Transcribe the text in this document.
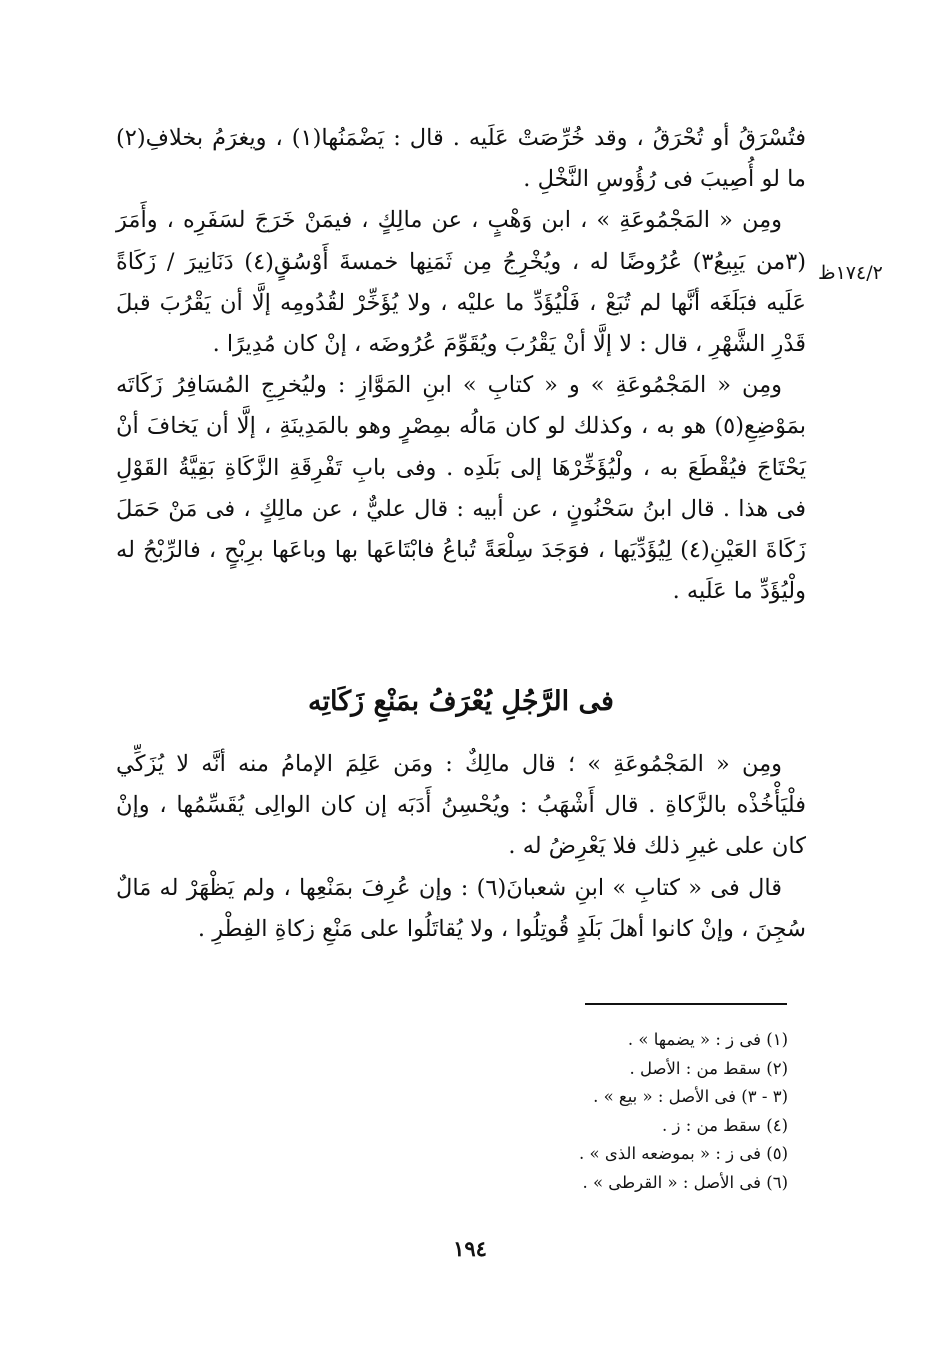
١٧٤/٢ظ

فتُسْرَقُ أو تُحْرَقُ ، وقد خُرِّصَتْ عَلَيه . قال : يَضْمَنُها(١) ، ويغرَمُ بخلافِ(٢) ما لو أُصِيبَ فى رُؤُوسِ النَّخْلِ .

ومِن « المَجْمُوعَةِ » ، ابن وَهْبٍ ، عن مالِكٍ ، فيمَنْ خَرَجَ لسَفَرِه ، وأَمَرَ (٣من يَبِيعُ٣) عُرُوضًا له ، ويُخْرِجُ مِن ثَمَنِها خمسةَ أَوْسُقٍ(٤) دَنَانِيرَ / زَكَاةً عَلَيه فبَلَغَه أنَّها لم تُبَعْ ، فَلْيُؤَدِّ ما عليْه ، ولا يُؤَخِّرْ لقُدُومِه إلَّا أن يَقْرُبَ قبلَ قَدْرِ الشَّهْرِ ، قال : لا إلَّا أنْ يَقْرُبَ ويُقَوِّمَ عُرُوضَه ، إنْ كان مُدِيرًا .

ومِن « المَجْمُوعَةِ » و « كتابِ » ابنِ المَوَّازِ : وليُخرِجِ المُسَافِرُ زَكَاتَه بمَوْضِعِ(٥) هو به ، وكذلك لو كان مَالُه بمِصْرٍ وهو بالمَدِينَةِ ، إلَّا أن يَخافَ أنْ يَحْتَاجَ فيُقْطَعَ به ، ولْيُؤَخِّرْهَا إلى بَلَدِه . وفى بابِ تَفْرِقَةِ الزَّكَاةِ بَقِيَّةُ القَوْلِ فى هذا . قال ابنُ سَحْنُونٍ ، عن أبيه : قال عليٌّ ، عن مالِكٍ ، فى مَنْ حَمَلَ زَكَاةَ العَيْنِ(٤) لِيُؤَدِّيَها ، فوَجَدَ سِلْعَةً تُباعُ فابْتَاعَها بها وباعَها برِبْحٍ ، فالرِّبْحُ له ولْيُؤَدِّ ما عَلَيه .

فى الرَّجُلِ يُعْرَفُ بمَنْعِ زَكَاتِه

ومِن « المَجْمُوعَةِ » ؛ قال مالِكٌ : ومَن عَلِمَ الإمامُ منه أنَّه لا يُزَكِّي فلْيَأْخُذْه بالزَّكاةِ . قال أَشْهَبُ : ويُحْسِنُ أَدَبَه إن كان الوالِى يُقَسِّمُها ، وإنْ كان على غيرِ ذلك فلا يَعْرِضُ له .

قال فى « كتابِ » ابنِ شعبانَ(٦) : وإن عُرِفَ بمَنْعِها ، ولم يَظْهَرْ له مَالٌ سُجِنَ ، وإنْ كانوا أهلَ بَلَدٍ قُوتِلُوا ، ولا يُقاتَلُوا على مَنْعِ زكاةِ الفِطْرِ .

(١) فى ز : « يضمها » .
(٢) سقط من : الأصل .
(٣ - ٣) فى الأصل : « بيع » .
(٤) سقط من : ز .
(٥) فى ز : « بموضعه الذى » .
(٦) فى الأصل : « القرطى » .
١٩٤
